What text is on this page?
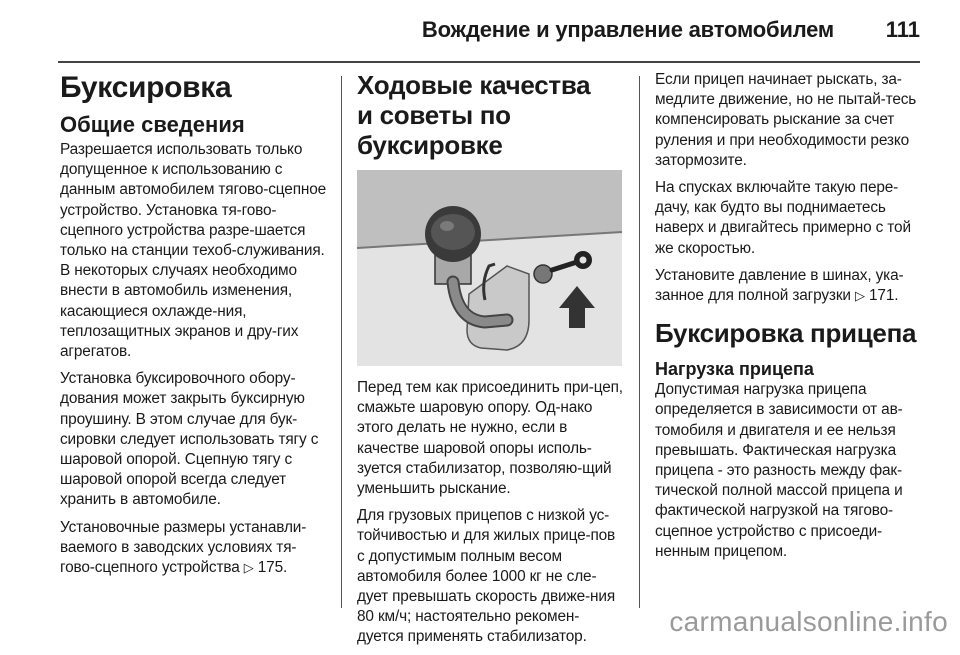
Вождение и управление автомобилем 111
Буксировка
Общие сведения

Разрешается использовать только допущенное к использованию с данным автомобилем тягово-сцепное устройство. Установка тя-гово-сцепного устройства разре-шается только на станции техоб-служивания. В некоторых случаях необходимо внести в автомобиль изменения, касающиеся охлажде-ния, теплозащитных экранов и дру-гих агрегатов.

Установка буксировочного обору-дования может закрыть буксирную проушину. В этом случае для бук-сировки следует использовать тягу с шаровой опорой. Сцепную тягу с шаровой опорой всегда следует хранить в автомобиле.

Установочные размеры устанавли-ваемого в заводских условиях тя-гово-сцепного устройства ▷ 175.

Ходовые качества
и советы по буксировке

Перед тем как присоединить при-цеп, смажьте шаровую опору. Од-нако этого делать не нужно, если в качестве шаровой опоры исполь-зуется стабилизатор, позволяю-щий уменьшить рыскание.

Для грузовых прицепов с низкой ус-тойчивостью и для жилых прице-пов с допустимым полным весом автомобиля более 1000 кг не сле-дует превышать скорость движе-ния 80 км/ч; настоятельно рекомен-дуется применять стабилизатор.

Если прицеп начинает рыскать, за-медлите движение, но не пытай-тесь компенсировать рыскание за счет руления и при необходимости резко затормозите.

На спусках включайте такую пере-дачу, как будто вы поднимаетесь наверх и двигайтесь примерно с той же скоростью.

Установите давление в шинах, ука-занное для полной загрузки ▷ 171.

Буксировка прицепа
Нагрузка прицепа

Допустимая нагрузка прицепа определяется в зависимости от ав-томобиля и двигателя и ее нельзя превышать. Фактическая нагрузка прицепа - это разность между фак-тической полной массой прицепа и фактической нагрузкой на тягово-сцепное устройство с присоеди-ненным прицепом.

carmanualsonline.info
